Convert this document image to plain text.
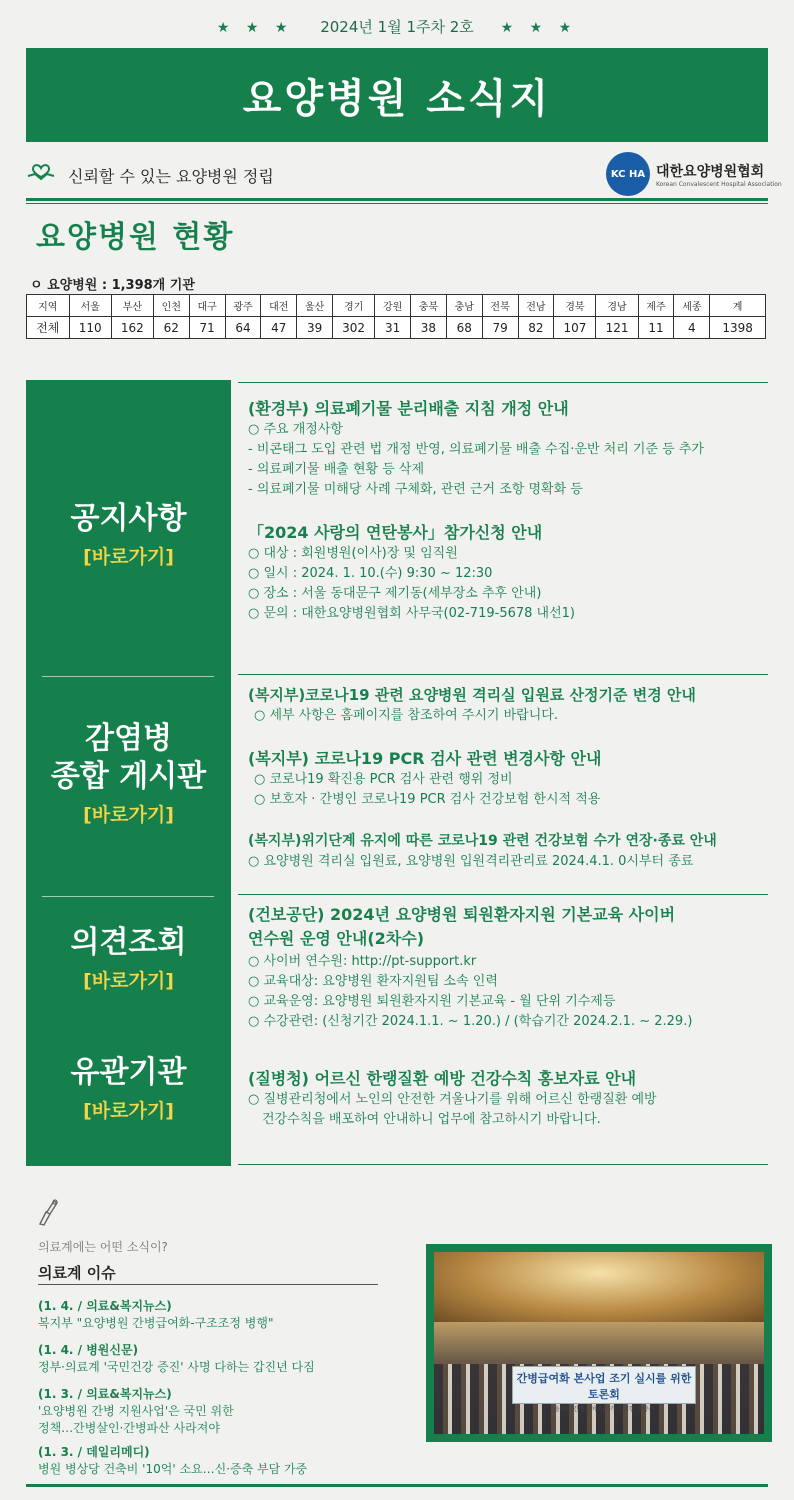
★ ★ ★ 2024년 1월 1주차 2호 ★ ★ ★
요양병원 소식지
신뢰할 수 있는 요양병원 정립	KC HA 대한요양병원협회
Korean Convalescent Hospital Association
요양병원 현황
ㅇ 요양병원 : 1,398개 기관
지역	서울	부산	인천	대구	광주	대전	울산	경기	강원	충북	충남	전북	전남	경북	경남	제주	세종	계
전체	110	162	62	71	64	47	39	302	31	38	68	79	82	107	121	11	4	1398
공지사항
[바로가기]
감염병
종합 게시판
[바로가기]
의견조회
[바로가기]
유관기관
[바로가기]
(환경부) 의료폐기물 분리배출 지침 개정 안내
○ 주요 개정사항
- 비콘태그 도입 관련 법 개정 반영, 의료폐기물 배출 수집·운반 처리 기준 등 추가
- 의료폐기물 배출 현황 등 삭제
- 의료폐기물 미해당 사례 구체화, 관련 근거 조항 명확화 등
「2024 사랑의 연탄봉사」참가신청 안내
○ 대상 : 회원병원(이사)장 및 임직원
○ 일시 : 2024. 1. 10.(수) 9:30 ~ 12:30
○ 장소 : 서울 동대문구 제기동(세부장소 추후 안내)
○ 문의 : 대한요양병원협회 사무국(02-719-5678 내선1)
(복지부)코로나19 관련 요양병원 격리실 입원료 산정기준 변경 안내
○ 세부 사항은 홈페이지를 참조하여 주시기 바랍니다.
(복지부) 코로나19 PCR 검사 관련 변경사항 안내
○ 코로나19 확진용 PCR 검사 관련 행위 정비
○ 보호자 · 간병인 코로나19 PCR 검사 건강보험 한시적 적용
(복지부)위기단계 유지에 따른 코로나19 관련 건강보험 수가 연장·종료 안내
○ 요양병원 격리실 입원료, 요양병원 입원격리관리료 2024.4.1. 0시부터 종료
(건보공단) 2024년 요양병원 퇴원환자지원 기본교육 사이버
연수원 운영 안내(2차수)
○ 사이버 연수원: http://pt-support.kr
○ 교육대상: 요양병원 환자지원팀 소속 인력
○ 교육운영: 요양병원 퇴원환자지원 기본교육 - 월 단위 기수제등
○ 수강관련: (신청기간 2024.1.1. ~ 1.20.) / (학습기간 2024.2.1. ~ 2.29.)
(질병청) 어르신 한랭질환 예방 건강수칙 홍보자료 안내
○ 질병관리청에서 노인의 안전한 겨울나기를 위해 어르신 한랭질환 예방
건강수칙을 배포하여 안내하니 업무에 참고하시기 바랍니다.
의료계에는 어떤 소식이?
의료계 이슈
(1. 4. / 의료&복지뉴스)
복지부 "요양병원 간병급여화-구조조정 병행"
(1. 4. / 병원신문)
정부·의료계 '국민건강 증진' 사명 다하는 갑진년 다짐
(1. 3. / 의료&복지뉴스)
'요양병원 간병 지원사업'은 국민 위한
정책…간병살인·간병파산 사라져야
(1. 3. / 데일리메디)
병원 병상당 건축비 '10억' 소요…신·증축 부담 가중
간병급여화 본사업 조기 실시를 위한 토론회
올바른 간병급여로의 가기 위한 방향은
